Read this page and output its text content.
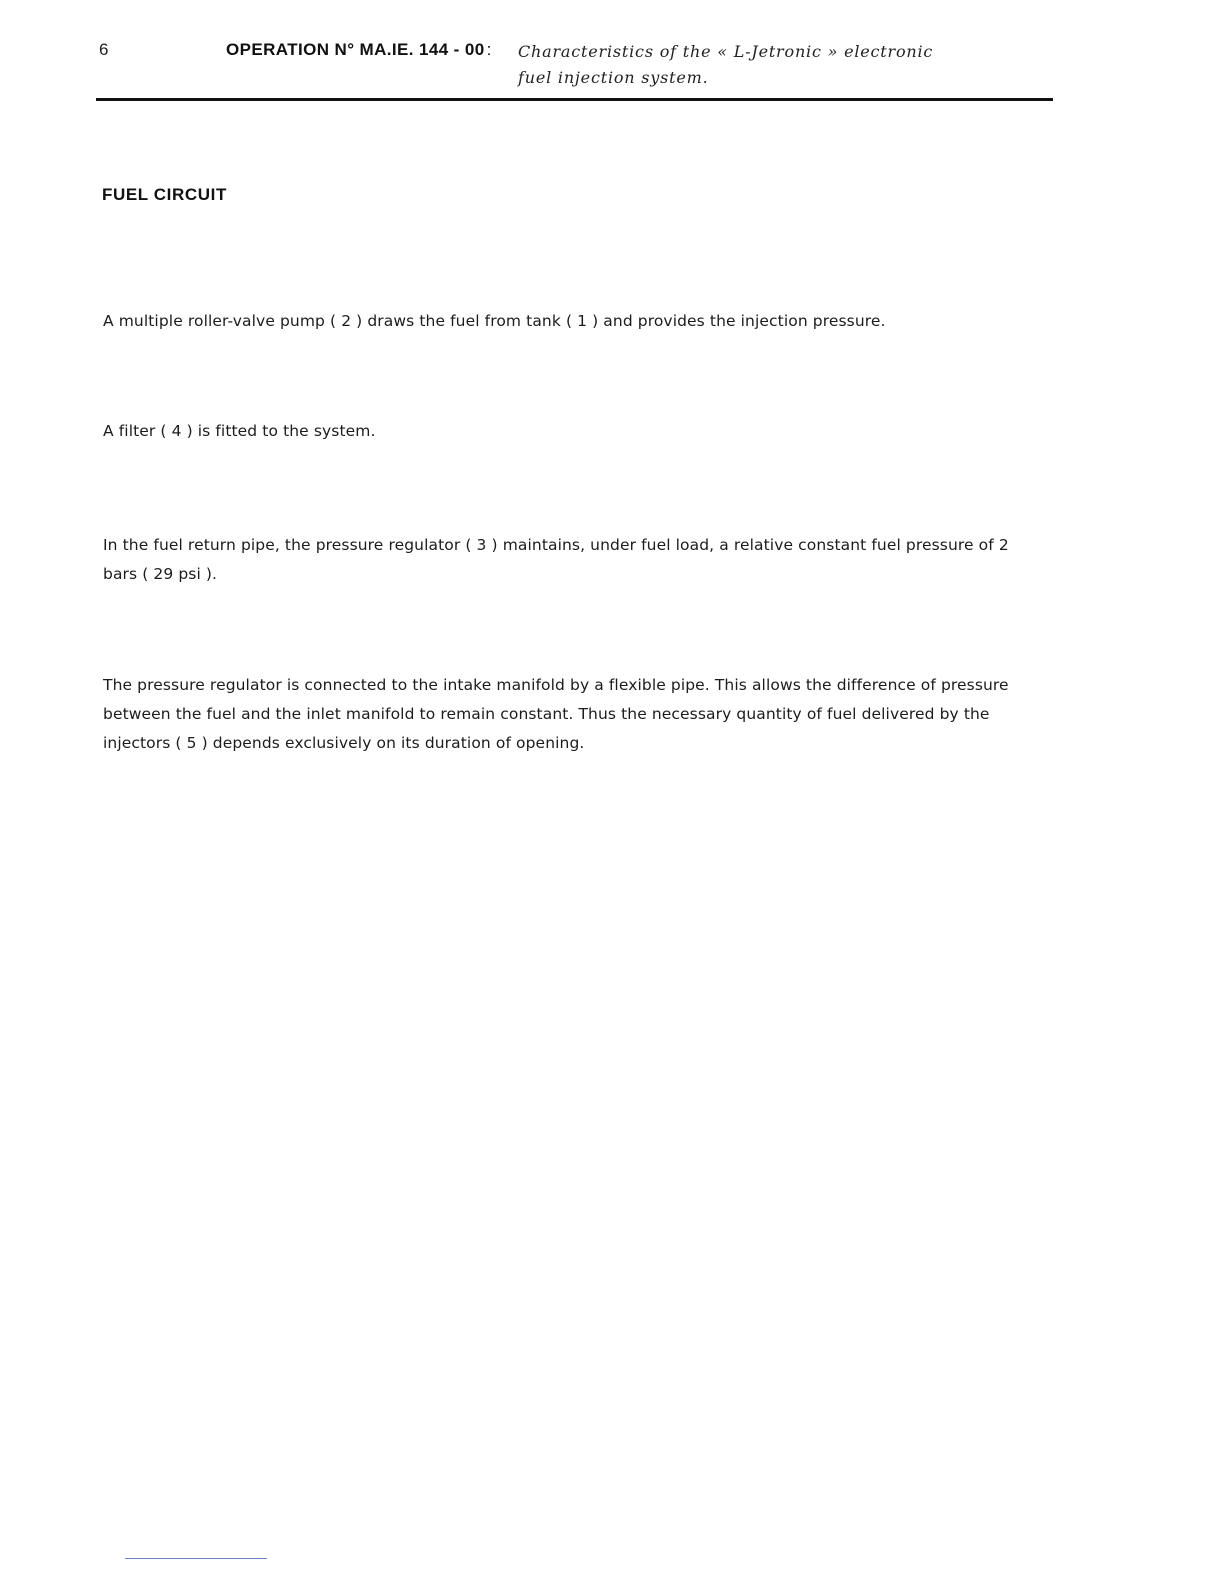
6	OPERATION N° MA.IE. 144 - 00 :	Characteristics of the « L-Jetronic » electronic
fuel injection system.
FUEL CIRCUIT

A multiple roller-valve pump ( 2 ) draws the fuel from tank ( 1 ) and provides the injection pressure.

A filter ( 4 ) is fitted to the system.

In the fuel return pipe, the pressure regulator ( 3 ) maintains, under fuel load, a relative constant fuel pressure of 2 bars ( 29 psi ).

The pressure regulator is connected to the intake manifold by a flexible pipe. This allows the difference of pressure between the fuel and the inlet manifold to remain constant. Thus the necessary quantity of fuel delivered by the injectors ( 5 ) depends exclusively on its duration of opening.
